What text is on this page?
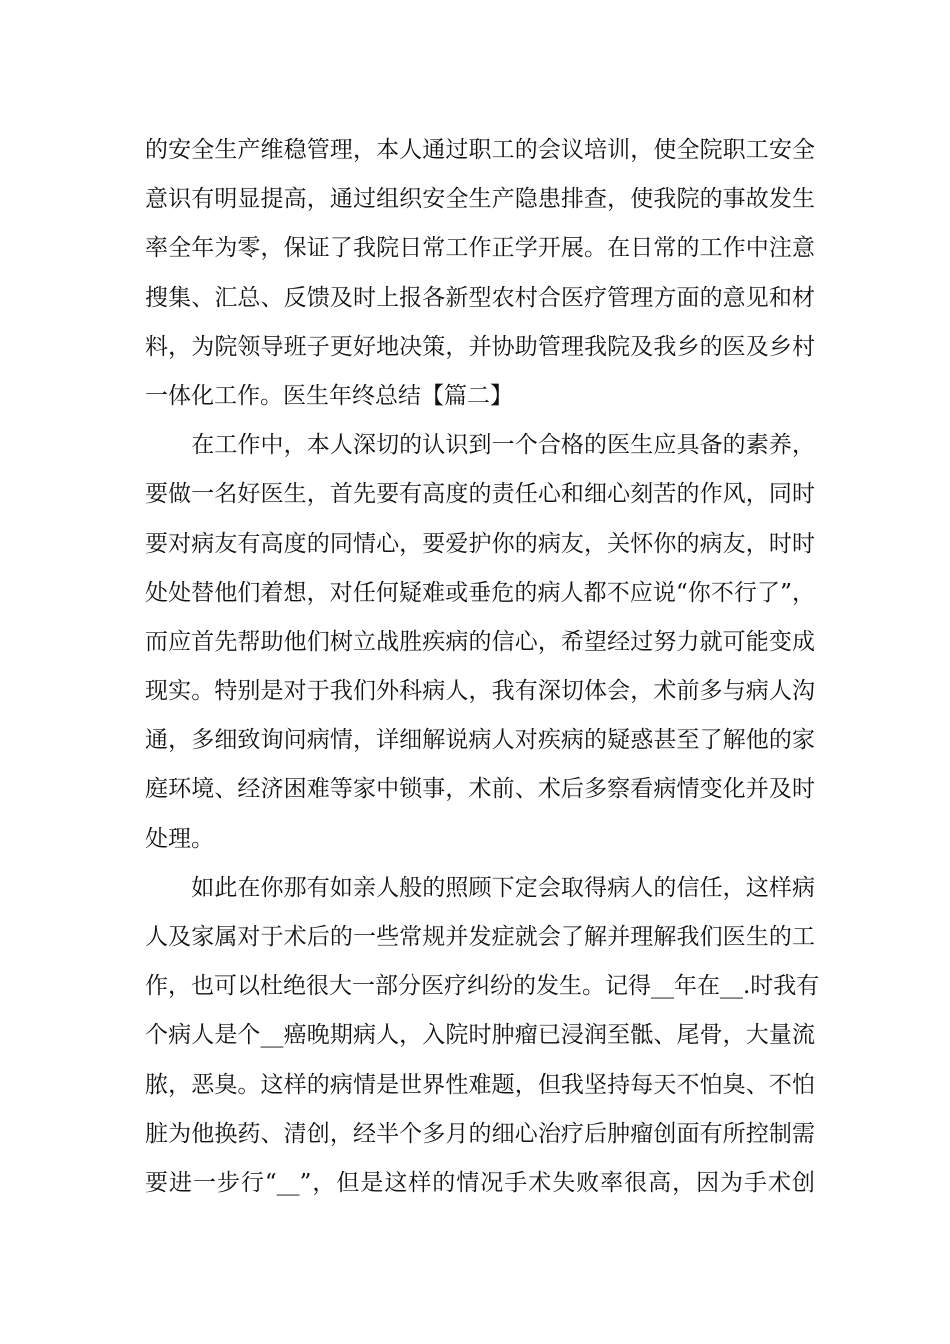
的安全生产维稳管理，本人通过职工的会议培训，使全院职工安全
意识有明显提高，通过组织安全生产隐患排查，使我院的事故发生
率全年为零，保证了我院日常工作正学开展。在日常的工作中注意
搜集、汇总、反馈及时上报各新型农村合医疗管理方面的意见和材
料，为院领导班子更好地决策，并协助管理我院及我乡的医及乡村
一体化工作。医生年终总结【篇二】
　　在工作中，本人深切的认识到一个合格的医生应具备的素养，
要做一名好医生，首先要有高度的责任心和细心刻苦的作风，同时
要对病友有高度的同情心，要爱护你的病友，关怀你的病友，时时
处处替他们着想，对任何疑难或垂危的病人都不应说“你不行了”，
而应首先帮助他们树立战胜疾病的信心，希望经过努力就可能变成
现实。特别是对于我们外科病人，我有深切体会，术前多与病人沟
通，多细致询问病情，详细解说病人对疾病的疑惑甚至了解他的家
庭环境、经济困难等家中锁事，术前、术后多察看病情变化并及时
处理。
　　如此在你那有如亲人般的照顾下定会取得病人的信任，这样病
人及家属对于术后的一些常规并发症就会了解并理解我们医生的工
作，也可以杜绝很大一部分医疗纠纷的发生。记得__年在__.时我有
个病人是个__癌晚期病人，入院时肿瘤已浸润至骶、尾骨，大量流
脓，恶臭。这样的病情是世界性难题，但我坚持每天不怕臭、不怕
脏为他换药、清创，经半个多月的细心治疗后肿瘤创面有所控制需
要进一步行“__”，但是这样的情况手术失败率很高，因为手术创
